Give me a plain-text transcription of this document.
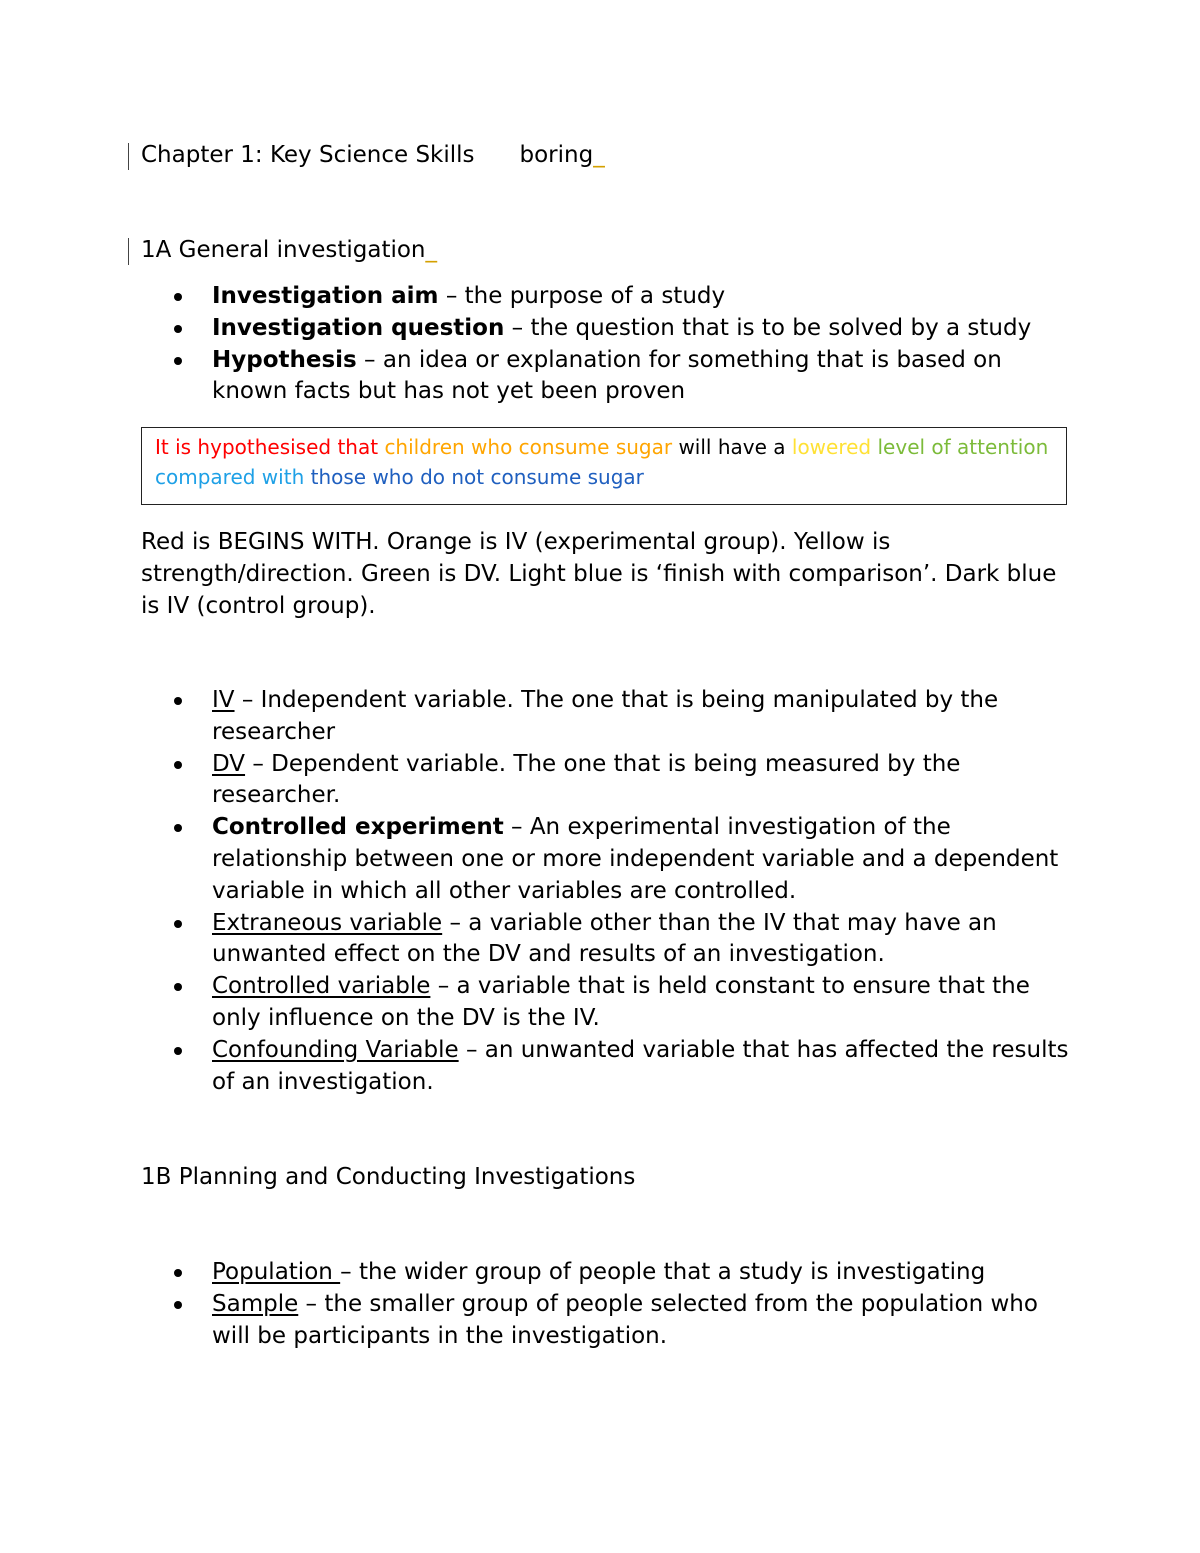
Chapter 1: Key Science Skills boring_
1A General investigation_
Investigation aim – the purpose of a study
Investigation question – the question that is to be solved by a study
Hypothesis – an idea or explanation for something that is based on known facts but has not yet been proven
It is hypothesised that children who consume sugar will have a lowered level of attention compared with those who do not consume sugar
Red is BEGINS WITH. Orange is IV (experimental group). Yellow is strength/direction. Green is DV. Light blue is ‘finish with comparison’. Dark blue is IV (control group).
IV – Independent variable. The one that is being manipulated by the researcher
DV – Dependent variable. The one that is being measured by the researcher.
Controlled experiment – An experimental investigation of the relationship between one or more independent variable and a dependent variable in which all other variables are controlled.
Extraneous variable – a variable other than the IV that may have an unwanted effect on the DV and results of an investigation.
Controlled variable – a variable that is held constant to ensure that the only influence on the DV is the IV.
Confounding Variable – an unwanted variable that has affected the results of an investigation.
1B Planning and Conducting Investigations
Population – the wider group of people that a study is investigating
Sample – the smaller group of people selected from the population who will be participants in the investigation.
